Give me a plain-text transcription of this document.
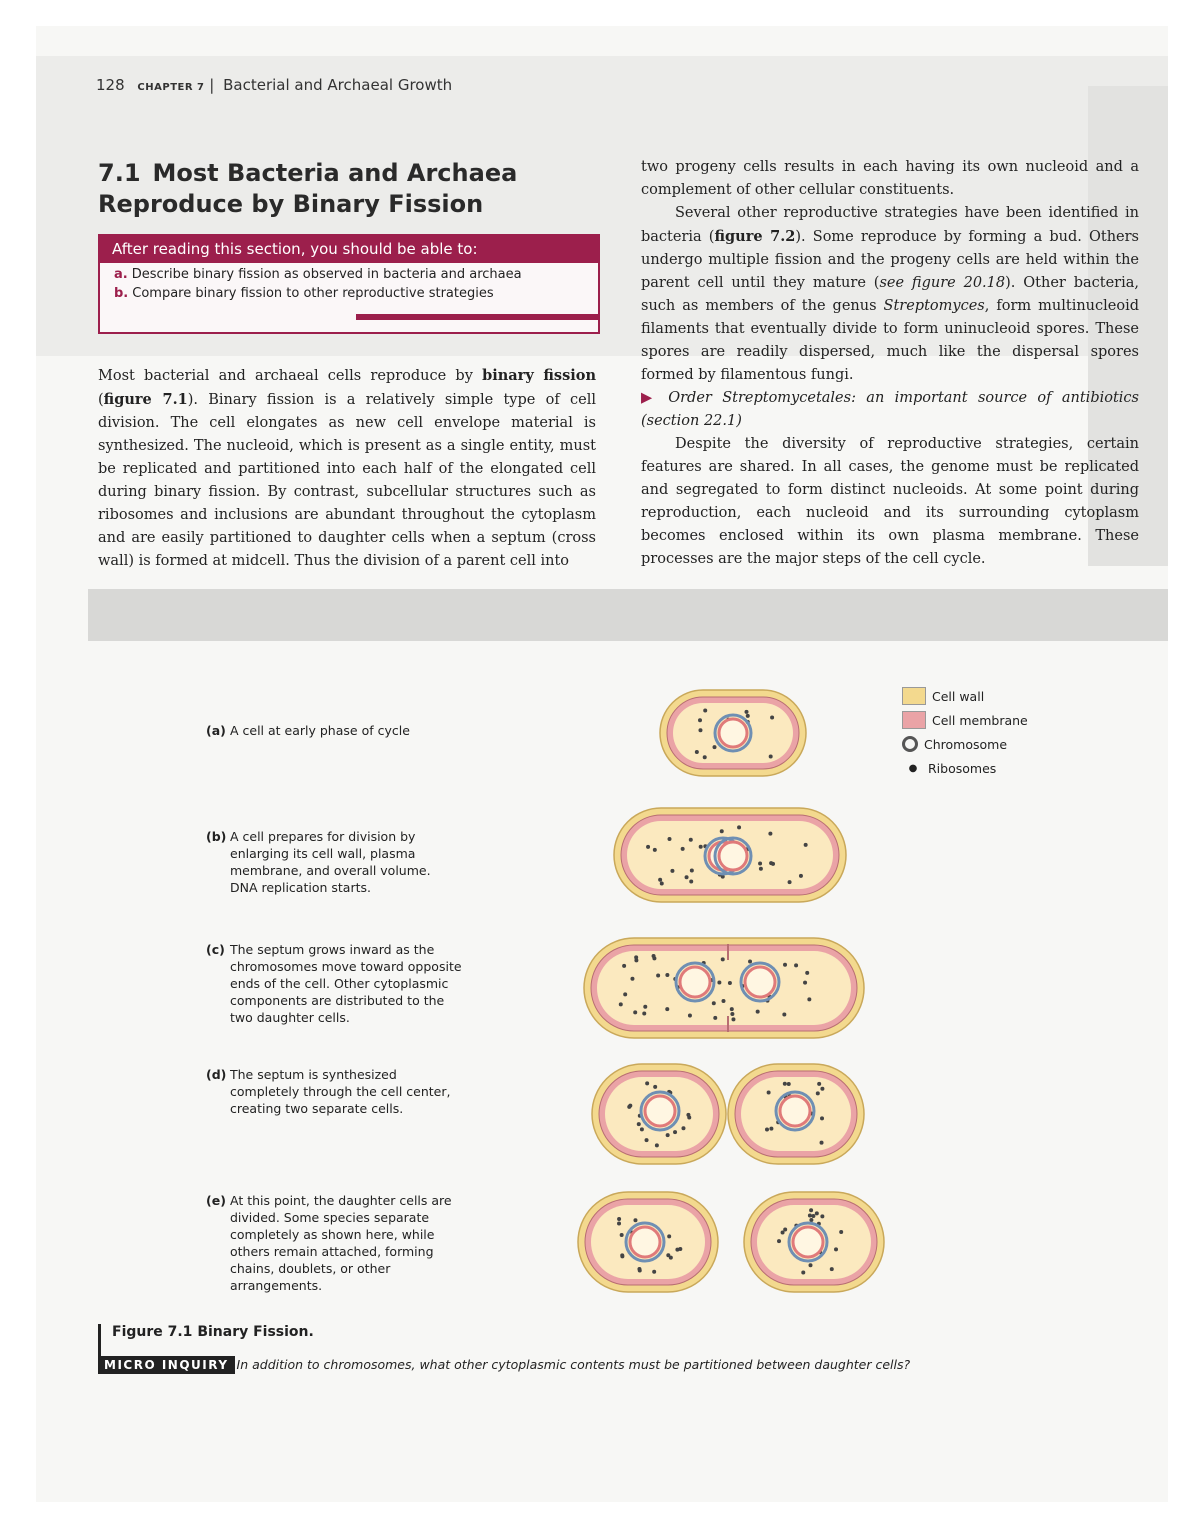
128 CHAPTER 7 | Bacterial and Archaeal Growth
7.1 Most Bacteria and Archaea Reproduce by Binary Fission
After reading this section, you should be able to:
a. Describe binary fission as observed in bacteria and archaea
b. Compare binary fission to other reproductive strategies

Most bacterial and archaeal cells reproduce by binary fission (figure 7.1). Binary fission is a relatively simple type of cell division. The cell elongates as new cell envelope material is synthesized. The nucleoid, which is present as a single entity, must be replicated and partitioned into each half of the elongated cell during binary fission. By contrast, subcellular structures such as ribosomes and inclusions are abundant throughout the cytoplasm and are easily partitioned to daughter cells when a septum (cross wall) is formed at midcell. Thus the division of a parent cell into

two progeny cells results in each having its own nucleoid and a complement of other cellular constituents.

Several other reproductive strategies have been identified in bacteria (figure 7.2). Some reproduce by forming a bud. Others undergo multiple fission and the progeny cells are held within the parent cell until they mature (see figure 20.18). Other bacteria, such as members of the genus Streptomyces, form multinucleoid filaments that eventually divide to form uninucleoid spores. These spores are readily dispersed, much like the dispersal spores formed by filamentous fungi.

▶ Order Streptomycetales: an important source of antibiotics (section 22.1)

Despite the diversity of reproductive strategies, certain features are shared. In all cases, the genome must be replicated and segregated to form distinct nucleoids. At some point during reproduction, each nucleoid and its surrounding cytoplasm becomes enclosed within its own plasma membrane. These processes are the major steps of the cell cycle.

(a) A cell at early phase of cycle
(b) A cell prepares for division by enlarging its cell wall, plasma membrane, and overall volume. DNA replication starts.
(c) The septum grows inward as the chromosomes move toward opposite ends of the cell. Other cytoplasmic components are distributed to the two daughter cells.
(d) The septum is synthesized completely through the cell center, creating two separate cells.
(e) At this point, the daughter cells are divided. Some species separate completely as shown here, while others remain attached, forming chains, doublets, or other arrangements.
Cell wall
Cell membrane
Chromosome
● Ribosomes
Figure 7.1 Binary Fission.
MICRO INQUIRY In addition to chromosomes, what other cytoplasmic contents must be partitioned between daughter cells?
